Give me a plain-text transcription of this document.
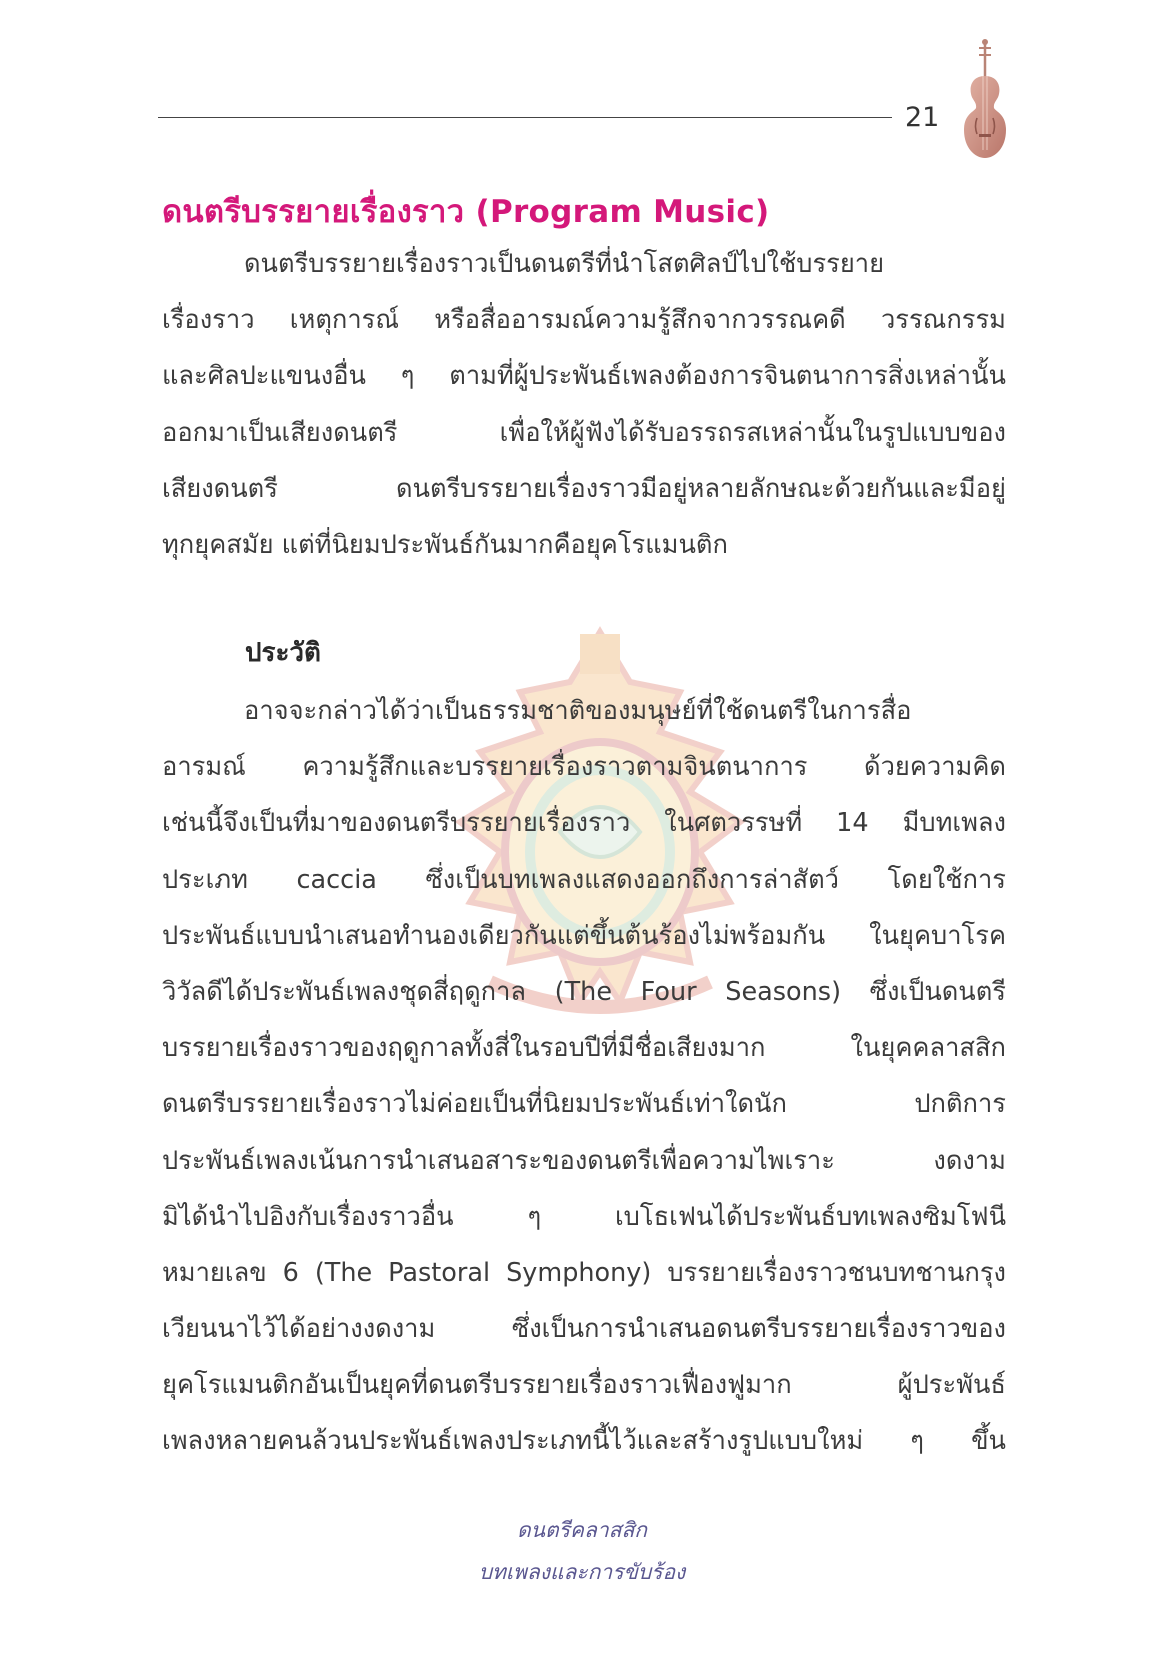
21
ดนตรีบรรยายเรื่องราว (Program Music)
ดนตรีบรรยายเรื่องราวเป็นดนตรีที่นำโสตศิลป์ไปใช้บรรยาย
เรื่องราว เหตุการณ์ หรือสื่ออารมณ์ความรู้สึกจากวรรณคดี วรรณกรรม
และศิลปะแขนงอื่น ๆ ตามที่ผู้ประพันธ์เพลงต้องการจินตนาการสิ่งเหล่านั้น
ออกมาเป็นเสียงดนตรี เพื่อให้ผู้ฟังได้รับอรรถรสเหล่านั้นในรูปแบบของ
เสียงดนตรี ดนตรีบรรยายเรื่องราวมีอยู่หลายลักษณะด้วยกันและมีอยู่
ทุกยุคสมัย แต่ที่นิยมประพันธ์กันมากคือยุคโรแมนติก
ประวัติ
อาจจะกล่าวได้ว่าเป็นธรรมชาติของมนุษย์ที่ใช้ดนตรีในการสื่อ
อารมณ์ ความรู้สึกและบรรยายเรื่องราวตามจินตนาการ ด้วยความคิด
เช่นนี้จึงเป็นที่มาของดนตรีบรรยายเรื่องราว ในศตวรรษที่ 14 มีบทเพลง
ประเภท caccia ซึ่งเป็นบทเพลงแสดงออกถึงการล่าสัตว์ โดยใช้การ
ประพันธ์แบบนำเสนอทำนองเดียวกันแต่ขึ้นต้นร้องไม่พร้อมกัน ในยุคบาโรค
วิวัลดีได้ประพันธ์เพลงชุดสี่ฤดูกาล (The Four Seasons) ซึ่งเป็นดนตรี
บรรยายเรื่องราวของฤดูกาลทั้งสี่ในรอบปีที่มีชื่อเสียงมาก ในยุคคลาสสิก
ดนตรีบรรยายเรื่องราวไม่ค่อยเป็นที่นิยมประพันธ์เท่าใดนัก ปกติการ
ประพันธ์เพลงเน้นการนำเสนอสาระของดนตรีเพื่อความไพเราะ งดงาม
มิได้นำไปอิงกับเรื่องราวอื่น ๆ เบโธเฟนได้ประพันธ์บทเพลงซิมโฟนี
หมายเลข 6 (The Pastoral Symphony) บรรยายเรื่องราวชนบทชานกรุง
เวียนนาไว้ได้อย่างงดงาม ซึ่งเป็นการนำเสนอดนตรีบรรยายเรื่องราวของ
ยุคโรแมนติกอันเป็นยุคที่ดนตรีบรรยายเรื่องราวเฟื่องฟูมาก ผู้ประพันธ์
เพลงหลายคนล้วนประพันธ์เพลงประเภทนี้ไว้และสร้างรูปแบบใหม่ ๆ ขึ้น
ดนตรีคลาสสิก
บทเพลงและการขับร้อง
